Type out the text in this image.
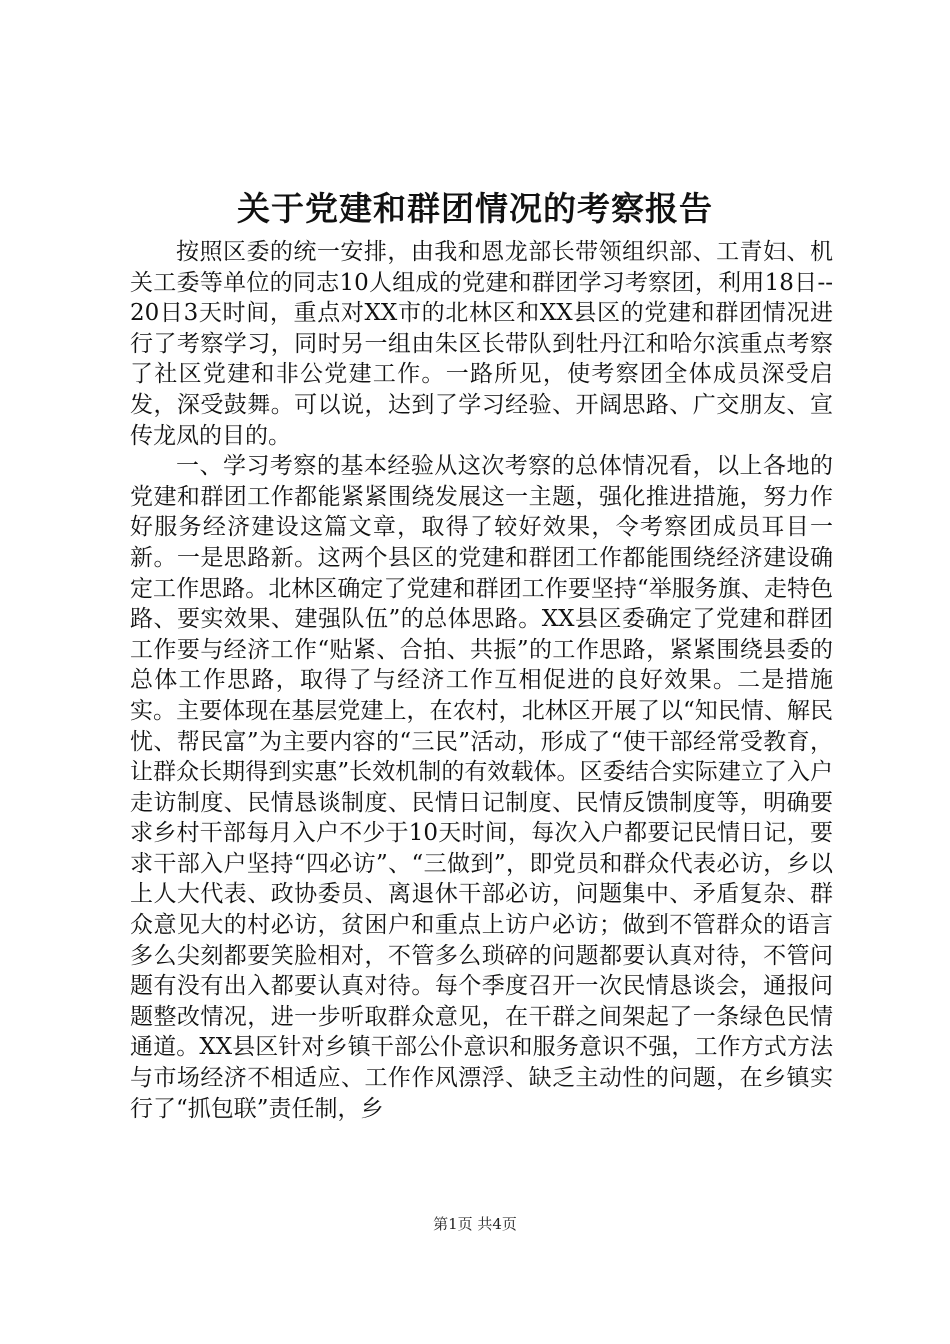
关于党建和群团情况的考察报告

按照区委的统一安排，由我和恩龙部长带领组织部、工青妇、机关工委等单位的同志10人组成的党建和群团学习考察团，利用18日--20日3天时间，重点对XX市的北林区和XX县区的党建和群团情况进行了考察学习，同时另一组由朱区长带队到牡丹江和哈尔滨重点考察了社区党建和非公党建工作。一路所见，使考察团全体成员深受启发，深受鼓舞。可以说，达到了学习经验、开阔思路、广交朋友、宣传龙凤的目的。

一、学习考察的基本经验从这次考察的总体情况看，以上各地的党建和群团工作都能紧紧围绕发展这一主题，强化推进措施，努力作好服务经济建设这篇文章，取得了较好效果，令考察团成员耳目一新。一是思路新。这两个县区的党建和群团工作都能围绕经济建设确定工作思路。北林区确定了党建和群团工作要坚持“举服务旗、走特色路、要实效果、建强队伍”的总体思路。XX县区委确定了党建和群团工作要与经济工作“贴紧、合拍、共振”的工作思路，紧紧围绕县委的总体工作思路，取得了与经济工作互相促进的良好效果。二是措施实。主要体现在基层党建上，在农村，北林区开展了以“知民情、解民忧、帮民富”为主要内容的“三民”活动，形成了“使干部经常受教育，让群众长期得到实惠”长效机制的有效载体。区委结合实际建立了入户走访制度、民情恳谈制度、民情日记制度、民情反馈制度等，明确要求乡村干部每月入户不少于10天时间，每次入户都要记民情日记，要求干部入户坚持“四必访”、“三做到”，即党员和群众代表必访，乡以上人大代表、政协委员、离退休干部必访，问题集中、矛盾复杂、群众意见大的村必访，贫困户和重点上访户必访；做到不管群众的语言多么尖刻都要笑脸相对，不管多么琐碎的问题都要认真对待，不管问题有没有出入都要认真对待。每个季度召开一次民情恳谈会，通报问题整改情况，进一步听取群众意见，在干群之间架起了一条绿色民情通道。XX县区针对乡镇干部公仆意识和服务意识不强，工作方式方法与市场经济不相适应、工作作风漂浮、缺乏主动性的问题，在乡镇实行了“抓包联”责任制，乡

第1页 共4页
